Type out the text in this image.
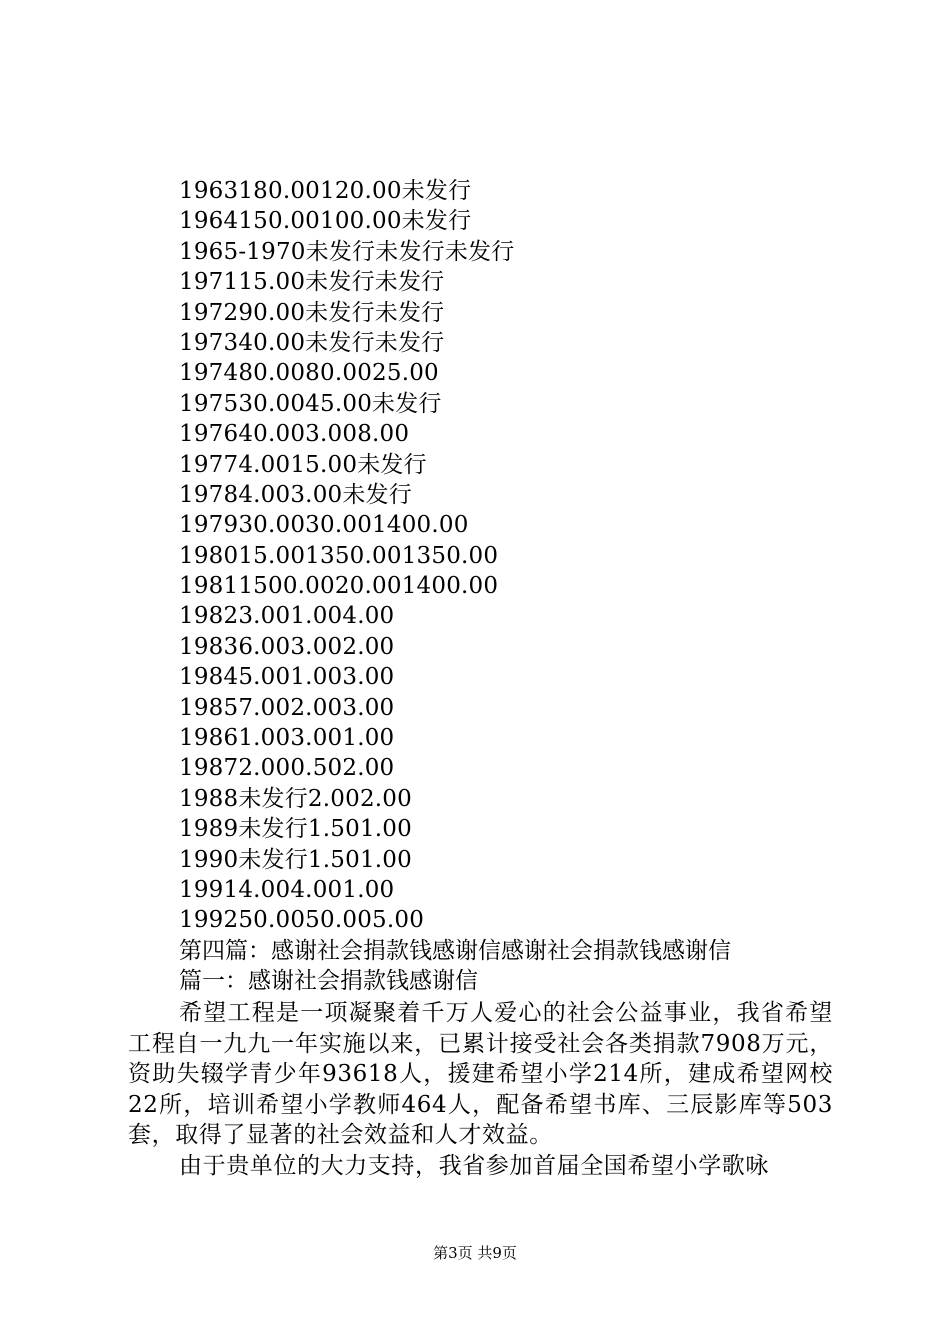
1963180.00120.00未发行
1964150.00100.00未发行
1965-1970未发行未发行未发行
197115.00未发行未发行
197290.00未发行未发行
197340.00未发行未发行
197480.0080.0025.00
197530.0045.00未发行
197640.003.008.00
19774.0015.00未发行
19784.003.00未发行
197930.0030.001400.00
198015.001350.001350.00
19811500.0020.001400.00
19823.001.004.00
19836.003.002.00
19845.001.003.00
19857.002.003.00
19861.003.001.00
19872.000.502.00
1988未发行2.002.00
1989未发行1.501.00
1990未发行1.501.00
19914.004.001.00
199250.0050.005.00
第四篇：感谢社会捐款钱感谢信感谢社会捐款钱感谢信
篇一：感谢社会捐款钱感谢信

希望工程是一项凝聚着千万人爱心的社会公益事业，我省希望工程自一九九一年实施以来，已累计接受社会各类捐款7908万元，资助失辍学青少年93618人，援建希望小学214所，建成希望网校22所，培训希望小学教师464人，配备希望书库、三辰影库等503套，取得了显著的社会效益和人才效益。

由于贵单位的大力支持，我省参加首届全国希望小学歌咏

第3页 共9页
